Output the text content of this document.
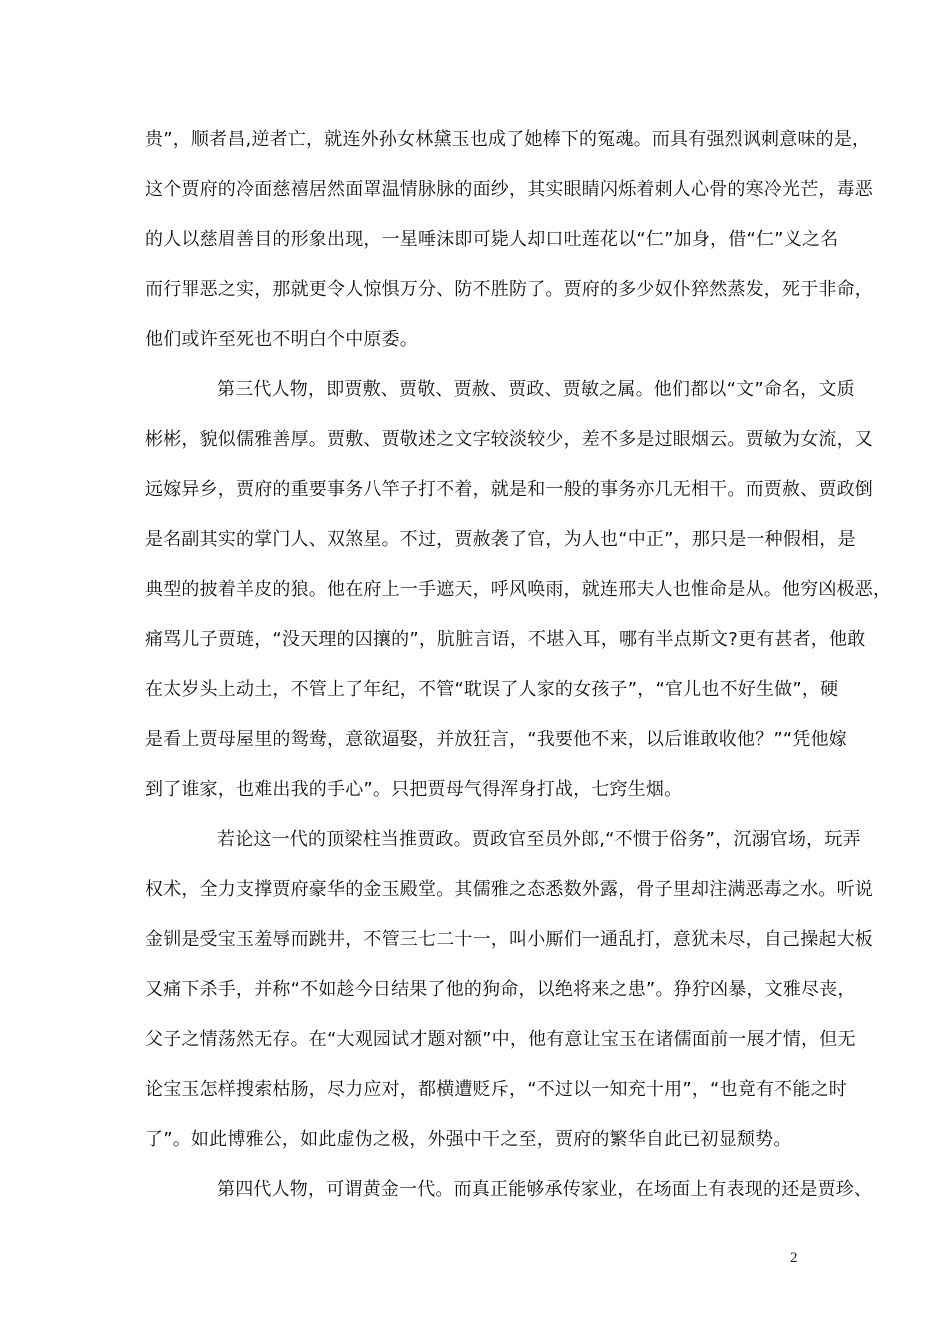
贵”，顺者昌,逆者亡，就连外孙女林黛玉也成了她棒下的冤魂。而具有强烈讽刺意味的是，
这个贾府的冷面慈禧居然面罩温情脉脉的面纱，其实眼睛闪烁着刺人心骨的寒冷光芒，毒恶
的人以慈眉善目的形象出现，一星唾沫即可毙人却口吐莲花以“仁”加身，借“仁”义之名
而行罪恶之实，那就更令人惊惧万分、防不胜防了。贾府的多少奴仆猝然蒸发，死于非命，
他们或许至死也不明白个中原委。
第三代人物，即贾敷、贾敬、贾赦、贾政、贾敏之属。他们都以“文”命名，文质
彬彬，貌似儒雅善厚。贾敷、贾敬述之文字较淡较少，差不多是过眼烟云。贾敏为女流，又
远嫁异乡，贾府的重要事务八竿子打不着，就是和一般的事务亦几无相干。而贾赦、贾政倒
是名副其实的掌门人、双煞星。不过，贾赦袭了官，为人也“中正”，那只是一种假相，是
典型的披着羊皮的狼。他在府上一手遮天，呼风唤雨，就连邢夫人也惟命是从。他穷凶极恶，
痛骂儿子贾琏，“没天理的囚攘的”，肮脏言语，不堪入耳，哪有半点斯文?更有甚者，他敢
在太岁头上动土，不管上了年纪，不管“耽误了人家的女孩子”，“官儿也不好生做”，硬
是看上贾母屋里的鸳鸯，意欲逼娶，并放狂言，“我要他不来，以后谁敢收他？”“凭他嫁
到了谁家，也难出我的手心”。只把贾母气得浑身打战，七窍生烟。
若论这一代的顶梁柱当推贾政。贾政官至员外郎,“不惯于俗务”，沉溺官场，玩弄
权术，全力支撑贾府豪华的金玉殿堂。其儒雅之态悉数外露，骨子里却注满恶毒之水。听说
金钏是受宝玉羞辱而跳井，不管三七二十一，叫小厮们一通乱打，意犹未尽，自己操起大板
又痛下杀手，并称“不如趁今日结果了他的狗命，以绝将来之患”。狰狞凶暴，文雅尽丧，
父子之情荡然无存。在“大观园试才题对额”中，他有意让宝玉在诸儒面前一展才情，但无
论宝玉怎样搜索枯肠，尽力应对，都横遭贬斥，“不过以一知充十用”，“也竟有不能之时
了”。如此博雅公，如此虚伪之极，外强中干之至，贾府的繁华自此已初显颓势。
第四代人物，可谓黄金一代。而真正能够承传家业，在场面上有表现的还是贾珍、
2
